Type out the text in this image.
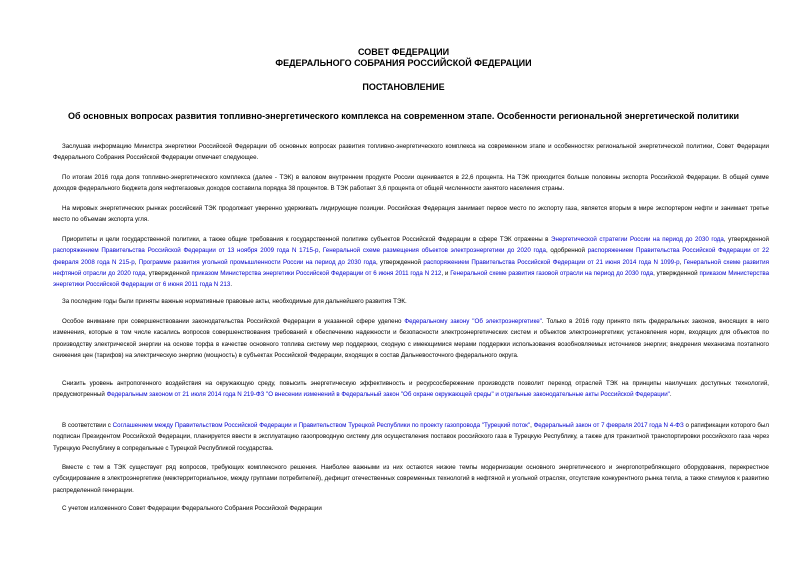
СОВЕТ ФЕДЕРАЦИИ
ФЕДЕРАЛЬНОГО СОБРАНИЯ РОССИЙСКОЙ ФЕДЕРАЦИИ
ПОСТАНОВЛЕНИЕ
Об основных вопросах развития топливно-энергетического комплекса на современном этапе. Особенности региональной энергетической политики
Заслушав информацию Министра энергетики Российской Федерации об основных вопросах развития топливно-энергетического комплекса на современном этапе и особенностях региональной энергетической политики, Совет Федерации Федерального Собрания Российской Федерации отмечает следующее.
По итогам 2016 года доля топливно-энергетического комплекса (далее - ТЭК) в валовом внутреннем продукте России оценивается в 22,6 процента. На ТЭК приходится больше половины экспорта Российской Федерации. В общей сумме доходов федерального бюджета доля нефтегазовых доходов составила порядка 38 процентов. В ТЭК работает 3,6 процента от общей численности занятого населения страны.
На мировых энергетических рынках российский ТЭК продолжает уверенно удерживать лидирующие позиции. Российская Федерация занимает первое место по экспорту газа, является вторым в мире экспортером нефти и занимает третье место по объемам экспорта угля.
Приоритеты и цели государственной политики, а также общие требования к государственной политике субъектов Российской Федерации в сфере ТЭК отражены в Энергетической стратегии России на период до 2030 года, утвержденной распоряжением Правительства Российской Федерации от 13 ноября 2009 года N 1715-р, Генеральной схеме размещения объектов электроэнергетики до 2020 года, одобренной распоряжением Правительства Российской Федерации от 22 февраля 2008 года N 215-р, Программе развития угольной промышленности России на период до 2030 года, утвержденной распоряжением Правительства Российской Федерации от 21 июня 2014 года N 1099-р, Генеральной схеме развития нефтяной отрасли до 2020 года, утвержденной приказом Министерства энергетики Российской Федерации от 6 июня 2011 года N 212, и Генеральной схеме развития газовой отрасли на период до 2030 года, утвержденной приказом Министерства энергетики Российской Федерации от 6 июня 2011 года N 213.
За последние годы были приняты важные нормативные правовые акты, необходимые для дальнейшего развития ТЭК.
Особое внимание при совершенствовании законодательства Российской Федерации в указанной сфере уделено Федеральному закону "Об электроэнергетике". Только в 2016 году принято пять федеральных законов, вносящих в него изменения, которые в том числе касались вопросов совершенствования требований к обеспечению надежности и безопасности электроэнергетических систем и объектов электроэнергетики; установления норм, входящих для объектов по производству электрической энергии на основе торфа в качестве основного топлива систему мер поддержки, сходную с имеющимися мерами поддержки использования возобновляемых источников энергии; внедрения механизма поэтапного снижения цен (тарифов) на электрическую энергию (мощность) в субъектах Российской Федерации, входящих в состав Дальневосточного федерального округа.
Снизить уровень антропогенного воздействия на окружающую среду, повысить энергетическую эффективность и ресурсосбережение производств позволит переход отраслей ТЭК на принципы наилучших доступных технологий, предусмотренный Федеральным законом от 21 июля 2014 года N 219-ФЗ "О внесении изменений в Федеральный закон "Об охране окружающей среды" и отдельные законодательные акты Российской Федерации".
В соответствии с Соглашением между Правительством Российской Федерации и Правительством Турецкой Республики по проекту газопровода "Турецкий поток", Федеральный закон от 7 февраля 2017 года N 4-ФЗ о ратификации которого был подписан Президентом Российской Федерации, планируется ввести в эксплуатацию газопроводную систему для осуществления поставок российского газа в Турецкую Республику, а также для транзитной транспортировки российского газа через Турецкую Республику в сопредельные с Турецкой Республикой государства.
Вместе с тем в ТЭК существует ряд вопросов, требующих комплексного решения. Наиболее важными из них остаются низкие темпы модернизации основного энергетического и энергопотребляющего оборудования, перекрестное субсидирование в электроэнергетике (межтерриториальное, между группами потребителей), дефицит отечественных современных технологий в нефтяной и угольной отраслях, отсутствие конкурентного рынка тепла, а также стимулов к развитию распределенной генерации.
С учетом изложенного Совет Федерации Федерального Собрания Российской Федерации
